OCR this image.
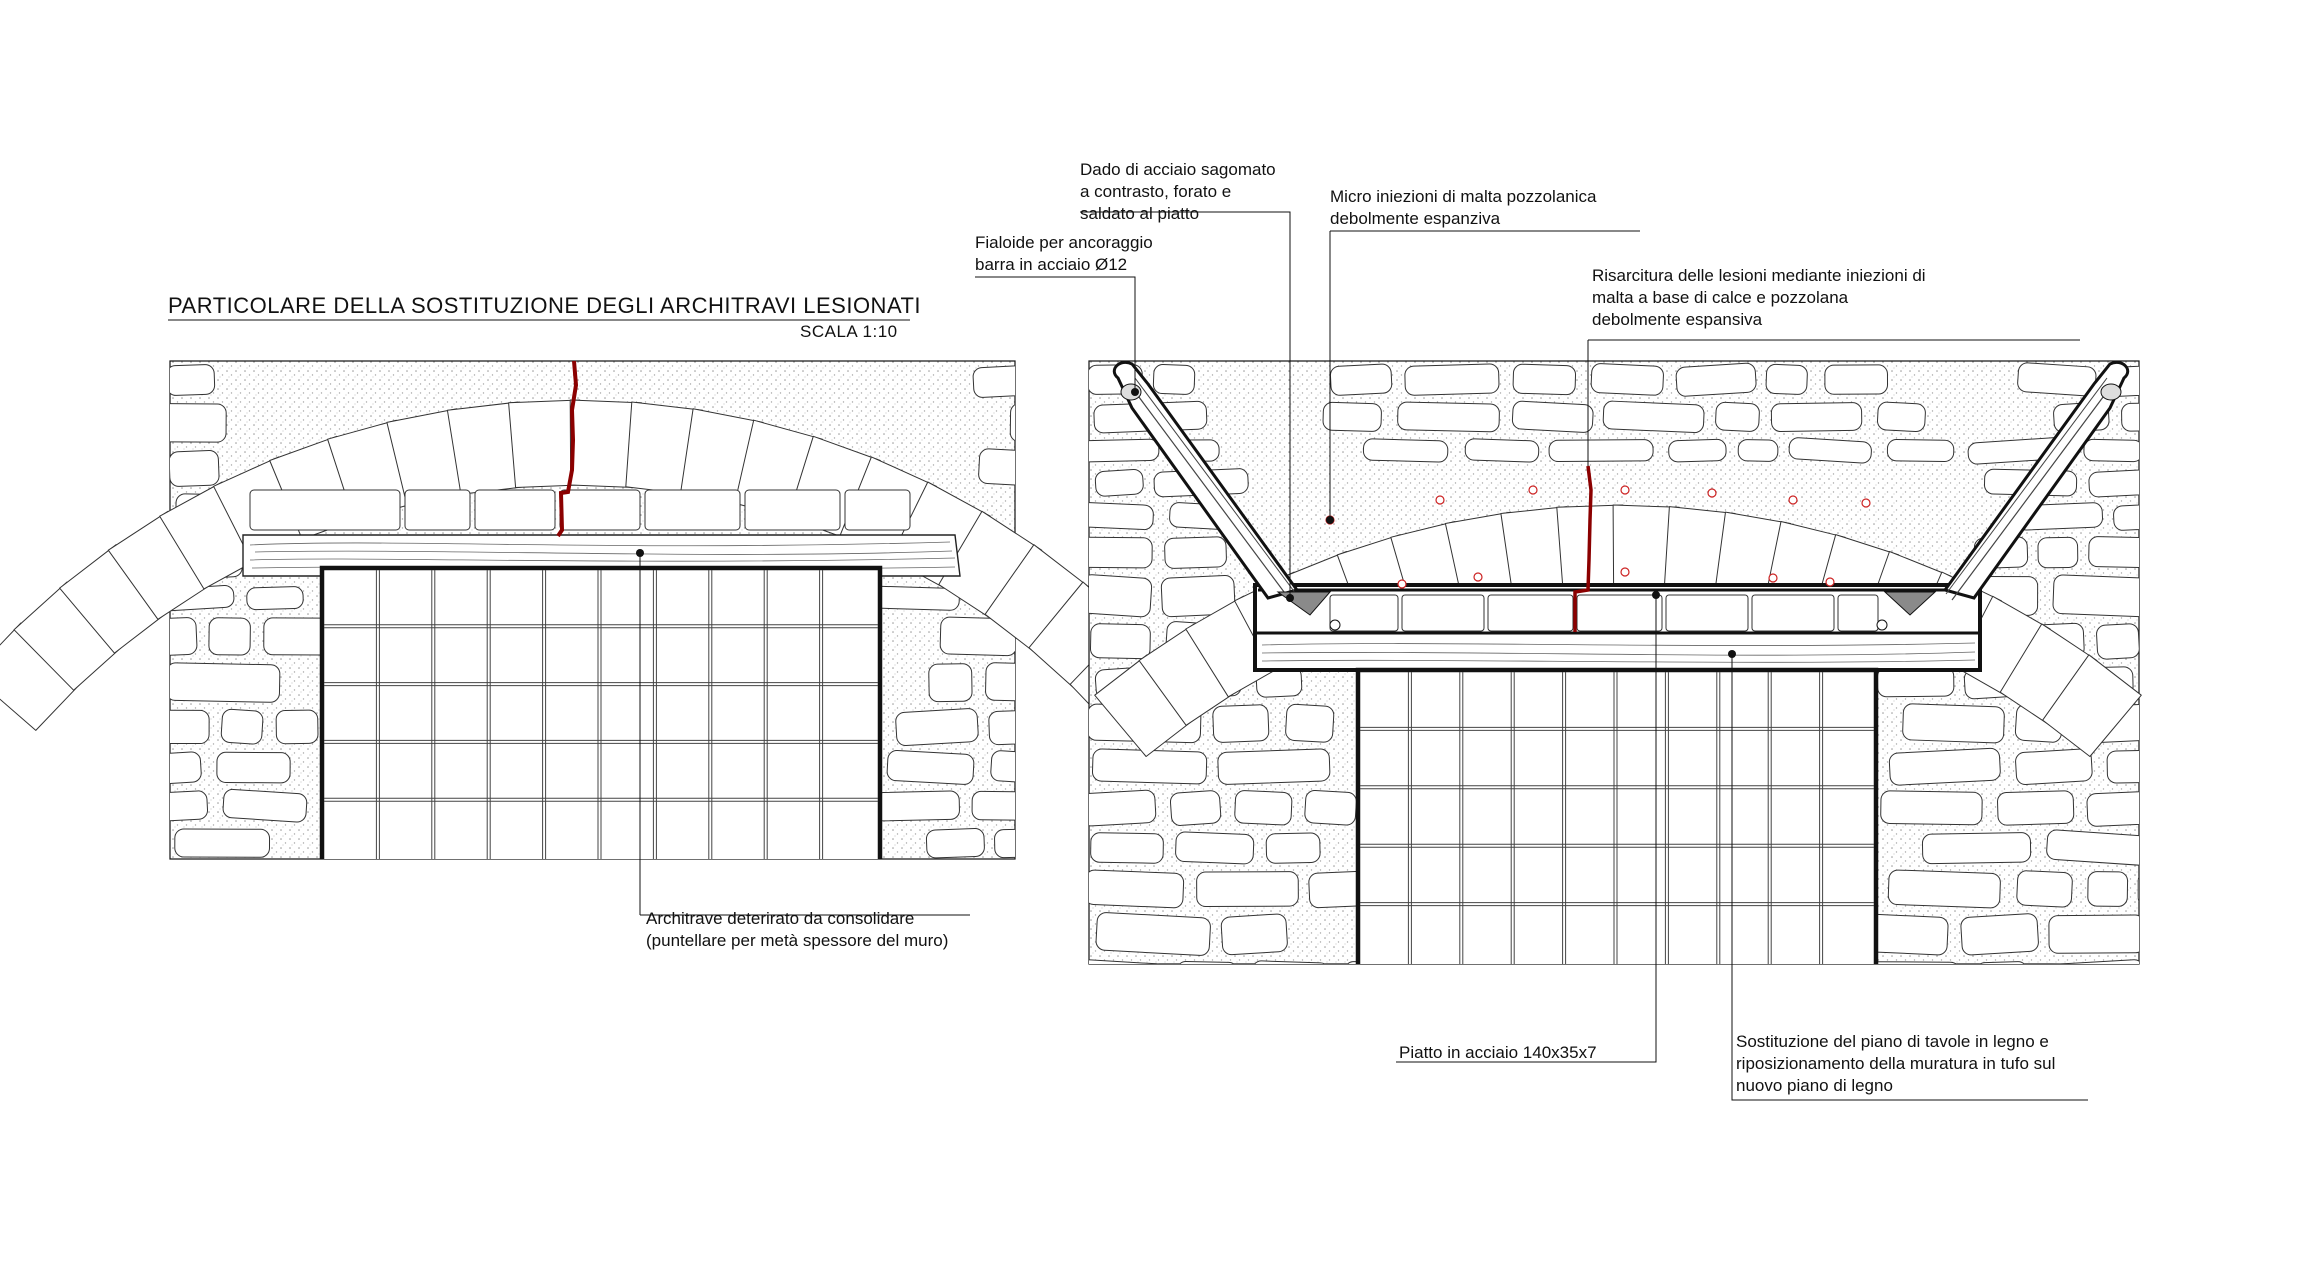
PARTICOLARE DELLA SOSTITUZIONE DEGLI ARCHITRAVI LESIONATI
SCALA 1:10
Architrave deterirato da consolidare
(puntellare per metà spessore del muro)
Dado di acciaio sagomato
a contrasto, forato e
saldato al piatto
Fialoide per ancoraggio
barra in acciaio Ø12
Micro iniezioni di malta pozzolanica
debolmente espanziva
Risarcitura delle lesioni mediante iniezioni di
malta a base di calce e pozzolana
debolmente espansiva
Piatto in acciaio 140x35x7
Sostituzione del piano di tavole in legno e
riposizionamento della muratura in tufo sul
nuovo piano di legno
